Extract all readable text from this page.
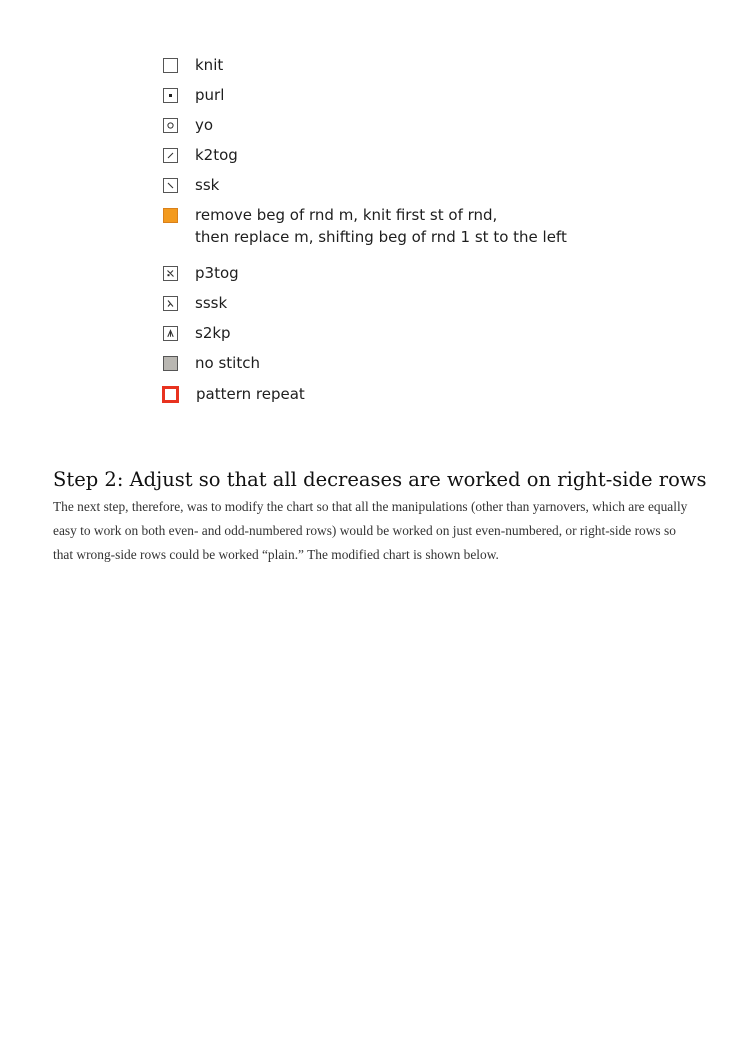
knit
purl
yo
k2tog
ssk
remove beg of rnd m, knit first st of rnd,
then replace m, shifting beg of rnd 1 st to the left
p3tog
sssk
s2kp
no stitch
pattern repeat
Step 2: Adjust so that all decreases are worked on right-side rows

The next step, therefore, was to modify the chart so that all the manipulations (other than yarnovers, which are equally easy to work on both even- and odd-numbered rows) would be worked on just even-numbered, or right-side rows so that wrong-side rows could be worked “plain.” The modified chart is shown below.
